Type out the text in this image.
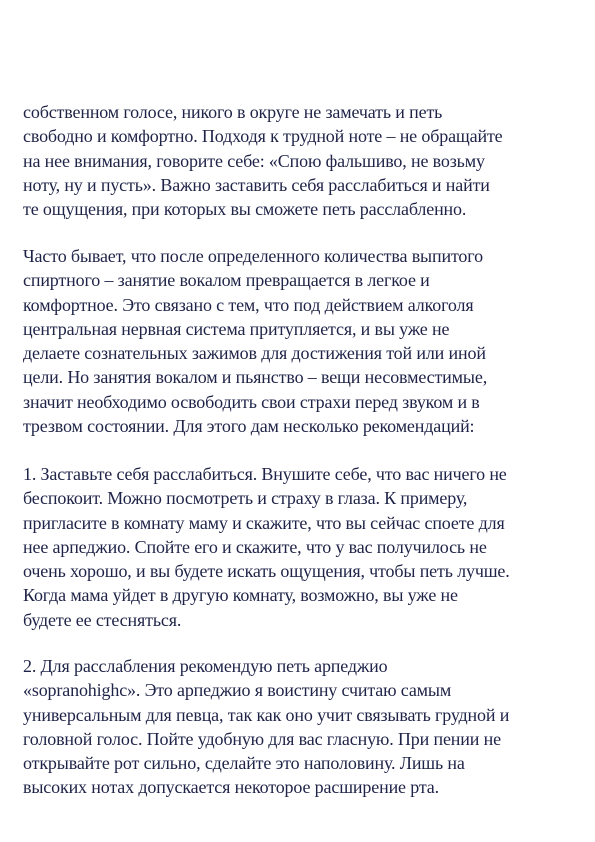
собственном голосе, никого в округе не замечать и петь
свободно и комфортно. Подходя к трудной ноте – не обращайте
на нее внимания, говорите себе: «Спою фальшиво, не возьму
ноту, ну и пусть». Важно заставить себя расслабиться и найти
те ощущения, при которых вы сможете петь расслабленно.
Часто бывает, что после определенного количества выпитого
спиртного – занятие вокалом превращается в легкое и
комфортное. Это связано с тем, что под действием алкоголя
центральная нервная система притупляется, и вы уже не
делаете сознательных зажимов для достижения той или иной
цели. Но занятия вокалом и пьянство – вещи несовместимые,
значит необходимо освободить свои страхи перед звуком и в
трезвом состоянии. Для этого дам несколько рекомендаций:
1. Заставьте себя расслабиться. Внушите себе, что вас ничего не
беспокоит. Можно посмотреть и страху в глаза. К примеру,
пригласите в комнату маму и скажите, что вы сейчас споете для
нее арпеджио. Спойте его и скажите, что у вас получилось не
очень хорошо, и вы будете искать ощущения, чтобы петь лучше.
Когда мама уйдет в другую комнату, возможно, вы уже не
будете ее стесняться.
2. Для расслабления рекомендую петь арпеджио
«sopranohighc». Это арпеджио я воистину считаю самым
универсальным для певца, так как оно учит связывать грудной и
головной голос. Пойте удобную для вас гласную. При пении не
открывайте рот сильно, сделайте это наполовину. Лишь на
высоких нотах допускается некоторое расширение рта.
